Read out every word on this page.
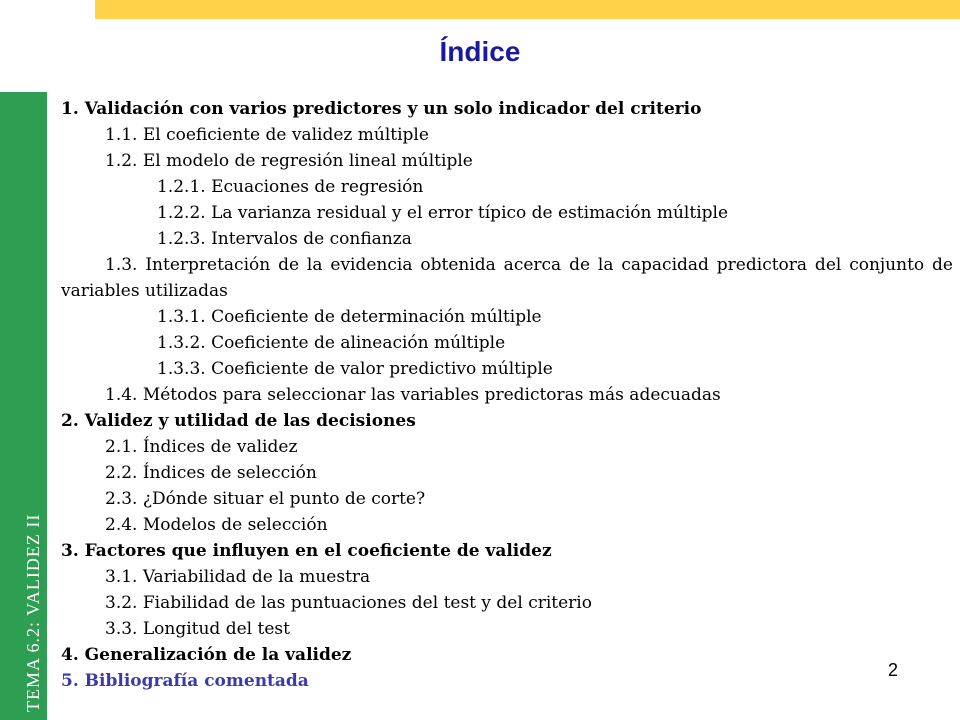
TEMA 6.2: VALIDEZ II
Índice
1. Validación con varios predictores y un solo indicador del criterio
1.1. El coeficiente de validez múltiple
1.2. El modelo de regresión lineal múltiple
1.2.1. Ecuaciones de regresión
1.2.2. La varianza residual y el error típico de estimación múltiple
1.2.3. Intervalos de confianza
1.3. Interpretación de la evidencia obtenida acerca de la capacidad predictora del conjunto de variables utilizadas
1.3.1. Coeficiente de determinación múltiple
1.3.2. Coeficiente de alineación múltiple
1.3.3. Coeficiente de valor predictivo múltiple
1.4. Métodos para seleccionar las variables predictoras más adecuadas
2. Validez y utilidad de las decisiones
2.1. Índices de validez
2.2. Índices de selección
2.3. ¿Dónde situar el punto de corte?
2.4. Modelos de selección
3. Factores que influyen en el coeficiente de validez
3.1. Variabilidad de la muestra
3.2. Fiabilidad de las puntuaciones del test y del criterio
3.3. Longitud del test
4. Generalización de la validez
5. Bibliografía comentada
2
